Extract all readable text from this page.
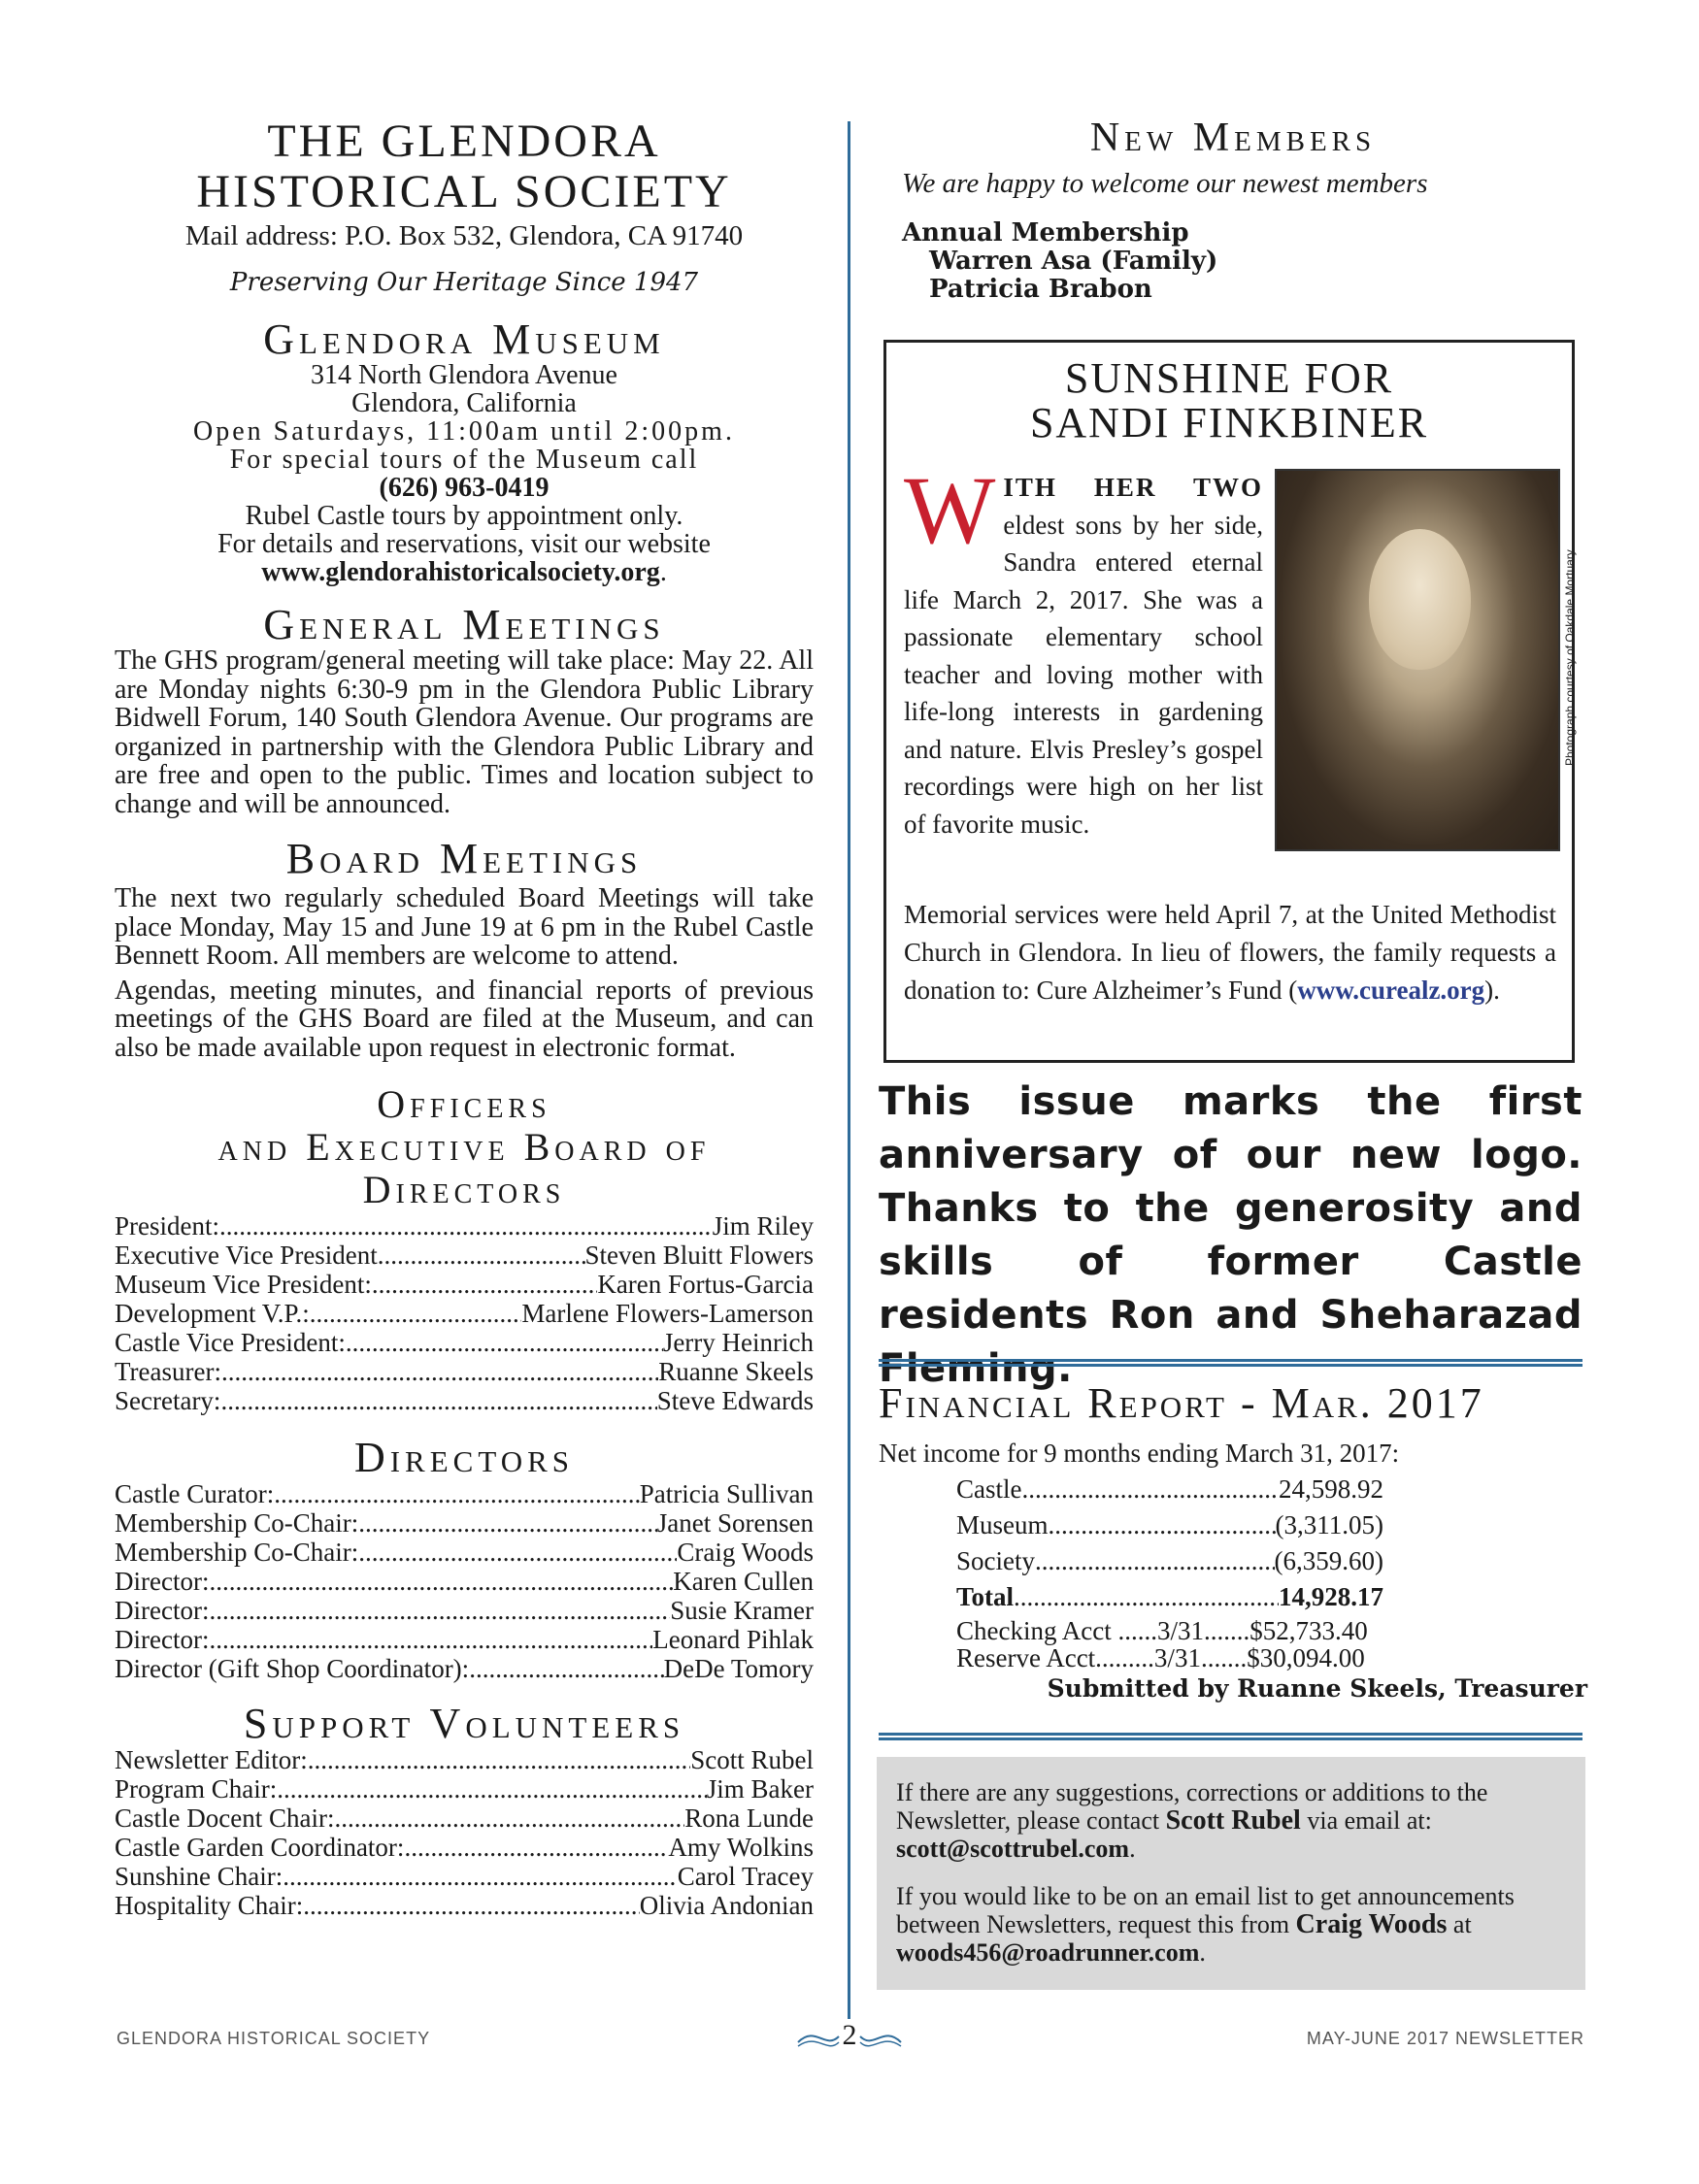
THE GLENDORA
HISTORICAL SOCIETY

Mail address: P.O. Box 532, Glendora, CA 91740

Preserving Our Heritage Since 1947

Glendora Museum
314 North Glendora Avenue
Glendora, California
Open Saturdays, 11:00am until 2:00pm.
For special tours of the Museum call
(626) 963-0419
Rubel Castle tours by appointment only.
For details and reservations, visit our website
www.glendorahistoricalsociety.org.
General Meetings

The GHS program/general meeting will take place: May 22. All are Monday nights 6:30-9 pm in the Glendora Public Library Bidwell Forum, 140 South Glendora Avenue. Our programs are organized in partnership with the Glendora Public Library and are free and open to the public. Times and location subject to change and will be announced.

Board Meetings

The next two regularly scheduled Board Meetings will take place Monday, May 15 and June 19 at 6 pm in the Rubel Castle Bennett Room. All members are welcome to attend.

Agendas, meeting minutes, and financial reports of previous meetings of the GHS Board are filed at the Museum, and can also be made available upon request in electronic format.

Officers
and Executive Board of
Directors
President: .....	Jim Riley
Executive Vice President .....	Steven Bluitt Flowers
Museum Vice President: .....	Karen Fortus-Garcia
Development V.P.: .....	Marlene Flowers-Lamerson
Castle Vice President: .....	Jerry Heinrich
Treasurer: .....	Ruanne Skeels
Secretary: .....	Steve Edwards
Directors
Castle Curator: .....	Patricia Sullivan
Membership Co-Chair: .....	Janet Sorensen
Membership Co-Chair: .....	Craig Woods
Director: .....	Karen Cullen
Director: .....	Susie Kramer
Director: .....	Leonard Pihlak
Director (Gift Shop Coordinator): .....	DeDe Tomory
Support Volunteers
Newsletter Editor: .....	Scott Rubel
Program Chair: .....	Jim Baker
Castle Docent Chair: .....	Rona Lunde
Castle Garden Coordinator: .....	Amy Wolkins
Sunshine Chair: .....	Carol Tracey
Hospitality Chair: .....	Olivia Andonian
New Members

We are happy to welcome our newest members

Annual Membership
Warren Asa (Family)
Patricia Brabon
SUNSHINE FOR
SANDI FINKBINER
WITH HER TWO eldest sons by her side, Sandra entered eternal life March 2, 2017. She was a passionate elementary school teacher and loving mother with life-long interests in gardening and nature. Elvis Presley’s gospel recordings were high on her list of favorite music.
Photograph courtesy of Oakdale Mortuary
Memorial services were held April 7, at the United Methodist Church in Glendora. In lieu of flowers, the family requests a donation to: Cure Alzheimer’s Fund (www.curealz.org).
This issue marks the first anniversary of our new logo. Thanks to the generosity and skills of former Castle residents Ron and Sheharazad Fleming.
Financial Report - Mar. 2017
Net income for 9 months ending March 31, 2017:
Castle .....	24,598.92
Museum .....	(3,311.05)
Society .....	(6,359.60)
Total .....	14,928.17
Checking Acct ......3/31.......$52,733.40
Reserve Acct.........3/31.......$30,094.00
Submitted by Ruanne Skeels, Treasurer

If there are any suggestions, corrections or additions to the Newsletter, please contact Scott Rubel via email at: scott@scottrubel.com.

If you would like to be on an email list to get announcements between Newsletters, request this from Craig Woods at woods456@roadrunner.com.

GLENDORA HISTORICAL SOCIETY	2	MAY-JUNE 2017 NEWSLETTER
